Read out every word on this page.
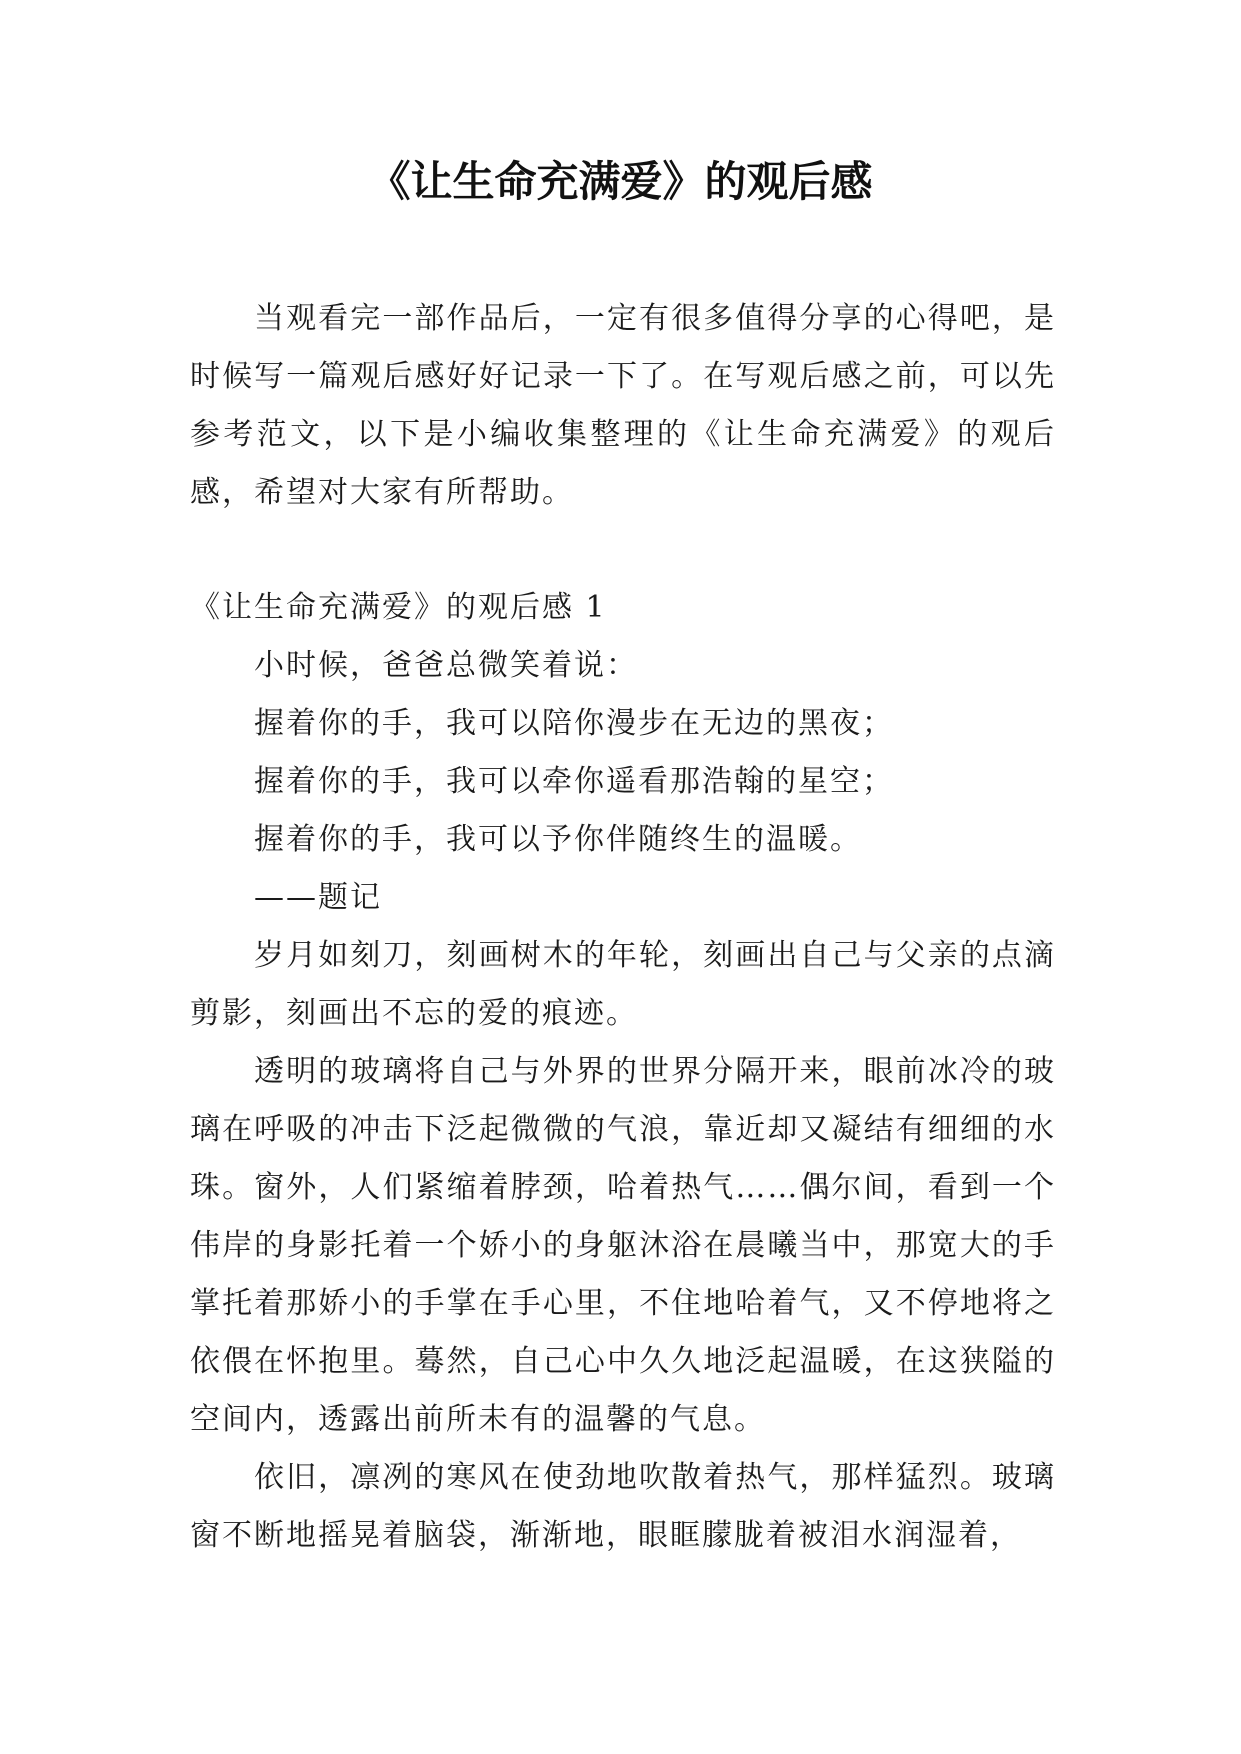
《让生命充满爱》的观后感

当观看完一部作品后，一定有很多值得分享的心得吧，是时候写一篇观后感好好记录一下了。在写观后感之前，可以先参考范文，以下是小编收集整理的《让生命充满爱》的观后感，希望对大家有所帮助。

《让生命充满爱》的观后感 1

小时候，爸爸总微笑着说：

握着你的手，我可以陪你漫步在无边的黑夜；

握着你的手，我可以牵你遥看那浩翰的星空；

握着你的手，我可以予你伴随终生的温暖。

——题记

岁月如刻刀，刻画树木的年轮，刻画出自己与父亲的点滴剪影，刻画出不忘的爱的痕迹。

透明的玻璃将自己与外界的世界分隔开来，眼前冰冷的玻璃在呼吸的冲击下泛起微微的气浪，靠近却又凝结有细细的水珠。窗外，人们紧缩着脖颈，哈着热气……偶尔间，看到一个伟岸的身影托着一个娇小的身躯沐浴在晨曦当中，那宽大的手掌托着那娇小的手掌在手心里，不住地哈着气，又不停地将之依偎在怀抱里。蓦然，自己心中久久地泛起温暖，在这狭隘的空间内，透露出前所未有的温馨的气息。

依旧，凛冽的寒风在使劲地吹散着热气，那样猛烈。玻璃窗不断地摇晃着脑袋，渐渐地，眼眶朦胧着被泪水润湿着，
